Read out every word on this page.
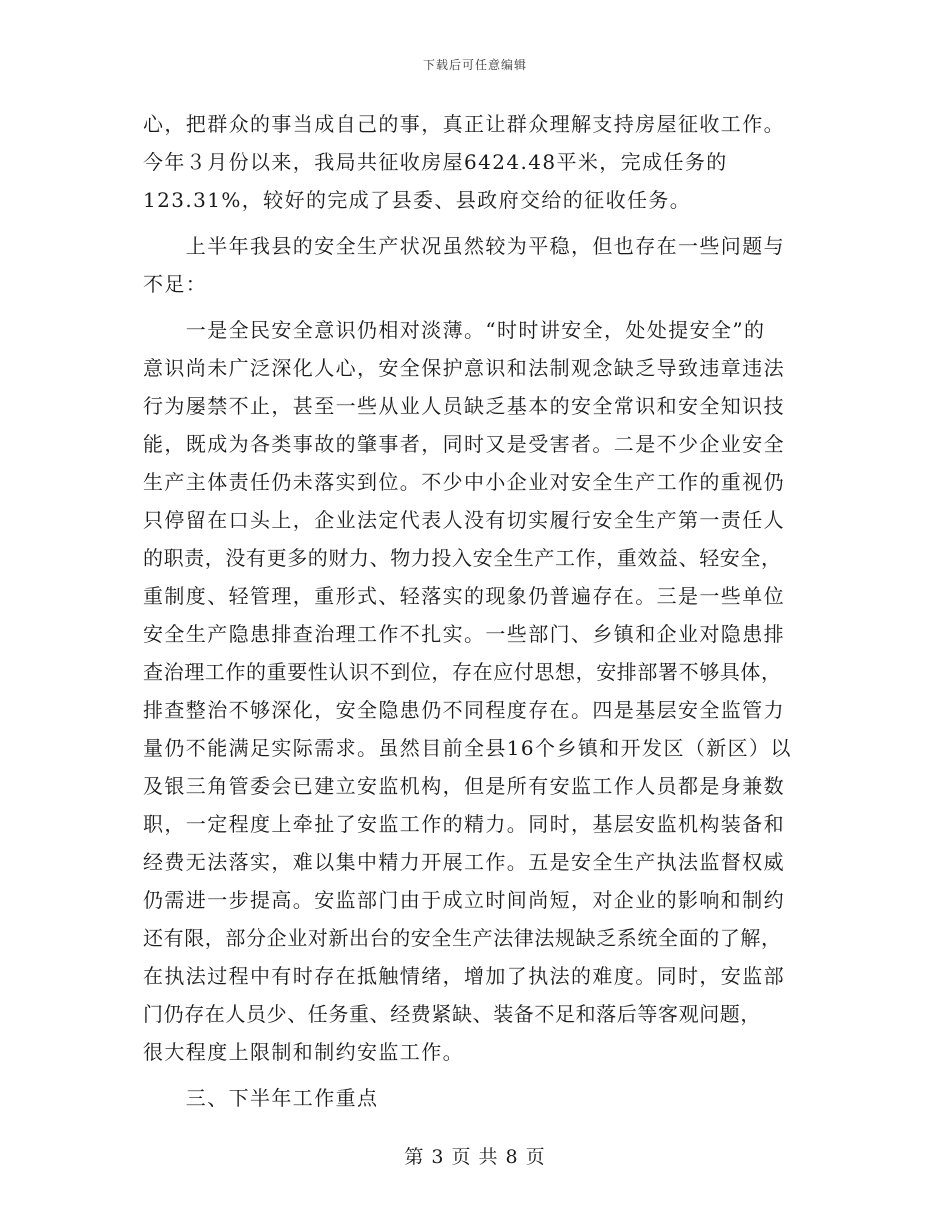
下载后可任意编辑
心，把群众的事当成自己的事，真正让群众理解支持房屋征收工作。
今年３月份以来，我局共征收房屋6424.48平米，完成任务的
123.31%，较好的完成了县委、县政府交给的征收任务。
　　上半年我县的安全生产状况虽然较为平稳，但也存在一些问题与
不足：
　　一是全民安全意识仍相对淡薄。“时时讲安全，处处提安全”的
意识尚未广泛深化人心，安全保护意识和法制观念缺乏导致违章违法
行为屡禁不止，甚至一些从业人员缺乏基本的安全常识和安全知识技
能，既成为各类事故的肇事者，同时又是受害者。二是不少企业安全
生产主体责任仍未落实到位。不少中小企业对安全生产工作的重视仍
只停留在口头上，企业法定代表人没有切实履行安全生产第一责任人
的职责，没有更多的财力、物力投入安全生产工作，重效益、轻安全，
重制度、轻管理，重形式、轻落实的现象仍普遍存在。三是一些单位
安全生产隐患排查治理工作不扎实。一些部门、乡镇和企业对隐患排
查治理工作的重要性认识不到位，存在应付思想，安排部署不够具体，
排查整治不够深化，安全隐患仍不同程度存在。四是基层安全监管力
量仍不能满足实际需求。虽然目前全县16个乡镇和开发区（新区）以
及银三角管委会已建立安监机构，但是所有安监工作人员都是身兼数
职，一定程度上牵扯了安监工作的精力。同时，基层安监机构装备和
经费无法落实，难以集中精力开展工作。五是安全生产执法监督权威
仍需进一步提高。安监部门由于成立时间尚短，对企业的影响和制约
还有限，部分企业对新出台的安全生产法律法规缺乏系统全面的了解，
在执法过程中有时存在抵触情绪，增加了执法的难度。同时，安监部
门仍存在人员少、任务重、经费紧缺、装备不足和落后等客观问题，
很大程度上限制和制约安监工作。
　　三、下半年工作重点
第 3 页 共 8 页
